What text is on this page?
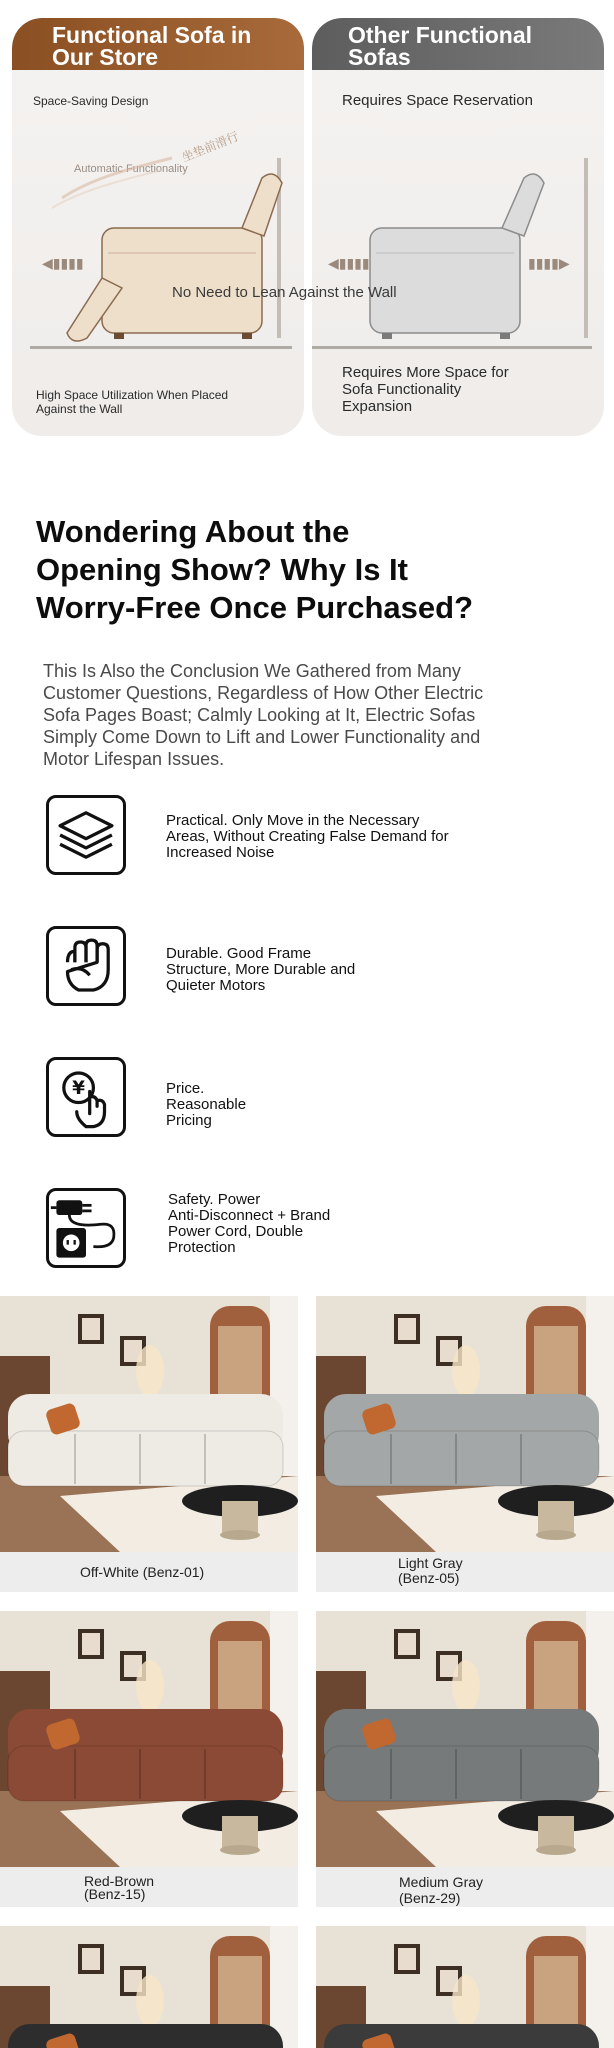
Functional Sofa in
Our Store
Space-Saving Design
Automatic Functionality
坐垫前滑行
◀▮▮▮▮
High Space Utilization When Placed
Against the Wall
Other Functional
Sofas
Requires Space Reservation
◀▮▮▮▮	▮▮▮▮▶
Requires More Space for
Sofa Functionality
Expansion
No Need to Lean Against the Wall
Wondering About the
Opening Show? Why Is It
Worry-Free Once Purchased?
This Is Also the Conclusion We Gathered from Many
Customer Questions, Regardless of How Other Electric
Sofa Pages Boast; Calmly Looking at It, Electric Sofas
Simply Come Down to Lift and Lower Functionality and
Motor Lifespan Issues.
Practical. Only Move in the Necessary
Areas, Without Creating False Demand for
Increased Noise
Durable. Good Frame
Structure, More Durable and
Quieter Motors
¥	Price.
Reasonable
Pricing
Safety. Power
Anti-Disconnect + Brand
Power Cord, Double
Protection
Off-White (Benz-01)
Light Gray
(Benz-05)
Red-Brown
(Benz-15)
Medium Gray
(Benz-29)
